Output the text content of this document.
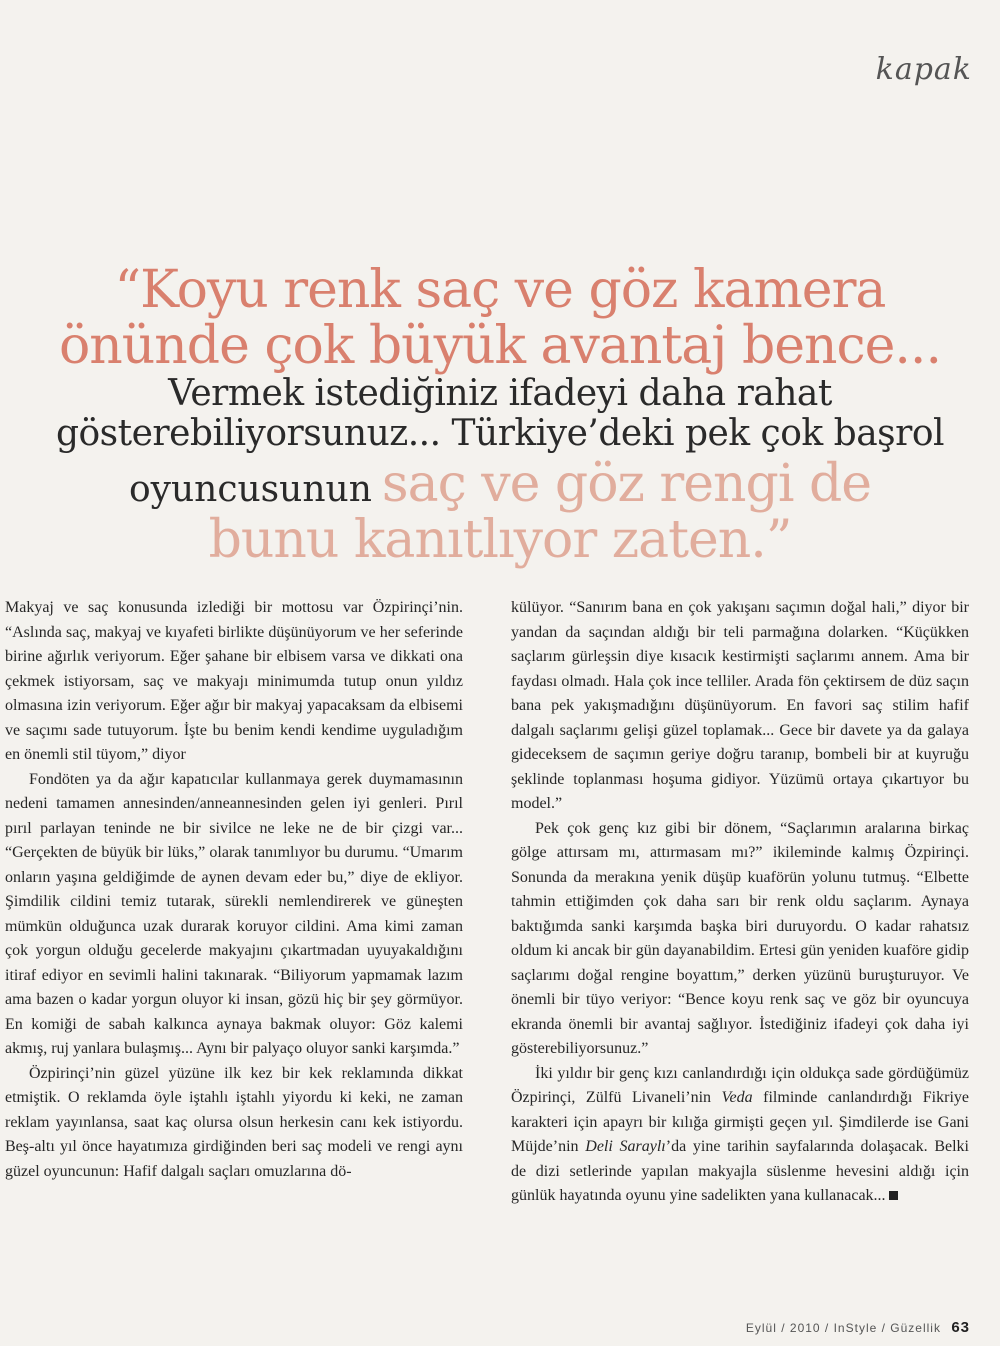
kapak

“Koyu renk saç ve göz kamera

önünde çok büyük avantaj bence...

Vermek istediğiniz ifadeyi daha rahat

gösterebiliyorsunuz... Türkiye’deki pek çok başrol

oyuncusunun saç ve göz rengi de

bunu kanıtlıyor zaten.”

Makyaj ve saç konusunda izlediği bir mottosu var Özpirinçi’nin. “Aslında saç, makyaj ve kıyafeti birlikte düşünüyorum ve her seferinde birine ağırlık veriyorum. Eğer şahane bir elbisem varsa ve dikkati ona çekmek istiyorsam, saç ve makyajı minimumda tutup onun yıldız olmasına izin veriyorum. Eğer ağır bir makyaj yapacaksam da elbisemi ve saçımı sade tutuyorum. İşte bu benim kendi kendime uyguladığım en önemli stil tüyom,” diyor

Fondöten ya da ağır kapatıcılar kullanmaya gerek duymamasının nedeni tamamen annesinden/anneannesinden gelen iyi genleri. Pırıl pırıl parlayan teninde ne bir sivilce ne leke ne de bir çizgi var... “Gerçekten de büyük bir lüks,” olarak tanımlıyor bu durumu. “Umarım onların yaşına geldiğimde de aynen devam eder bu,” diye de ekliyor. Şimdilik cildini temiz tutarak, sürekli nemlendirerek ve güneşten mümkün olduğunca uzak durarak koruyor cildini. Ama kimi zaman çok yorgun olduğu gecelerde makyajını çıkartmadan uyuyakaldığını itiraf ediyor en sevimli halini takınarak. “Biliyorum yapmamak lazım ama bazen o kadar yorgun oluyor ki insan, gözü hiç bir şey görmüyor. En komiği de sabah kalkınca aynaya bakmak oluyor: Göz kalemi akmış, ruj yanlara bulaşmış... Aynı bir palyaço oluyor sanki karşımda.”

Özpirinçi’nin güzel yüzüne ilk kez bir kek reklamında dikkat etmiştik. O reklamda öyle iştahlı iştahlı yiyordu ki keki, ne zaman reklam yayınlansa, saat kaç olursa olsun herkesin canı kek istiyordu. Beş-altı yıl önce hayatımıza girdiğinden beri saç modeli ve rengi aynı güzel oyuncunun: Hafif dalgalı saçları omuzlarına dö-

külüyor. “Sanırım bana en çok yakışanı saçımın doğal hali,” diyor bir yandan da saçından aldığı bir teli parmağına dolarken. “Küçükken saçlarım gürleşsin diye kısacık kestirmişti saçlarımı annem. Ama bir faydası olmadı. Hala çok ince telliler. Arada fön çektirsem de düz saçın bana pek yakışmadığını düşünüyorum. En favori saç stilim hafif dalgalı saçlarımı gelişi güzel toplamak... Gece bir davete ya da galaya gideceksem de saçımın geriye doğru taranıp, bombeli bir at kuyruğu şeklinde toplanması hoşuma gidiyor. Yüzümü ortaya çıkartıyor bu model.”

Pek çok genç kız gibi bir dönem, “Saçlarımın aralarına birkaç gölge attırsam mı, attırmasam mı?” ikileminde kalmış Özpirinçi. Sonunda da merakına yenik düşüp kuaförün yolunu tutmuş. “Elbette tahmin ettiğimden çok daha sarı bir renk oldu saçlarım. Aynaya baktığımda sanki karşımda başka biri duruyordu. O kadar rahatsız oldum ki ancak bir gün dayanabildim. Ertesi gün yeniden kuaföre gidip saçlarımı doğal rengine boyattım,” derken yüzünü buruşturuyor. Ve önemli bir tüyo veriyor: “Bence koyu renk saç ve göz bir oyuncuya ekranda önemli bir avantaj sağlıyor. İstediğiniz ifadeyi çok daha iyi gösterebiliyorsunuz.”

İki yıldır bir genç kızı canlandırdığı için oldukça sade gördüğümüz Özpirinçi, Zülfü Livaneli’nin Veda filminde canlandırdığı Fikriye karakteri için apayrı bir kılığa girmişti geçen yıl. Şimdilerde ise Gani Müjde’nin Deli Saraylı’da yine tarihin sayfalarında dolaşacak. Belki de dizi setlerinde yapılan makyajla süslenme hevesini aldığı için günlük hayatında oyunu yine sadelikten yana kullanacak...

Eylül / 2010 / InStyle / Güzellik 63
